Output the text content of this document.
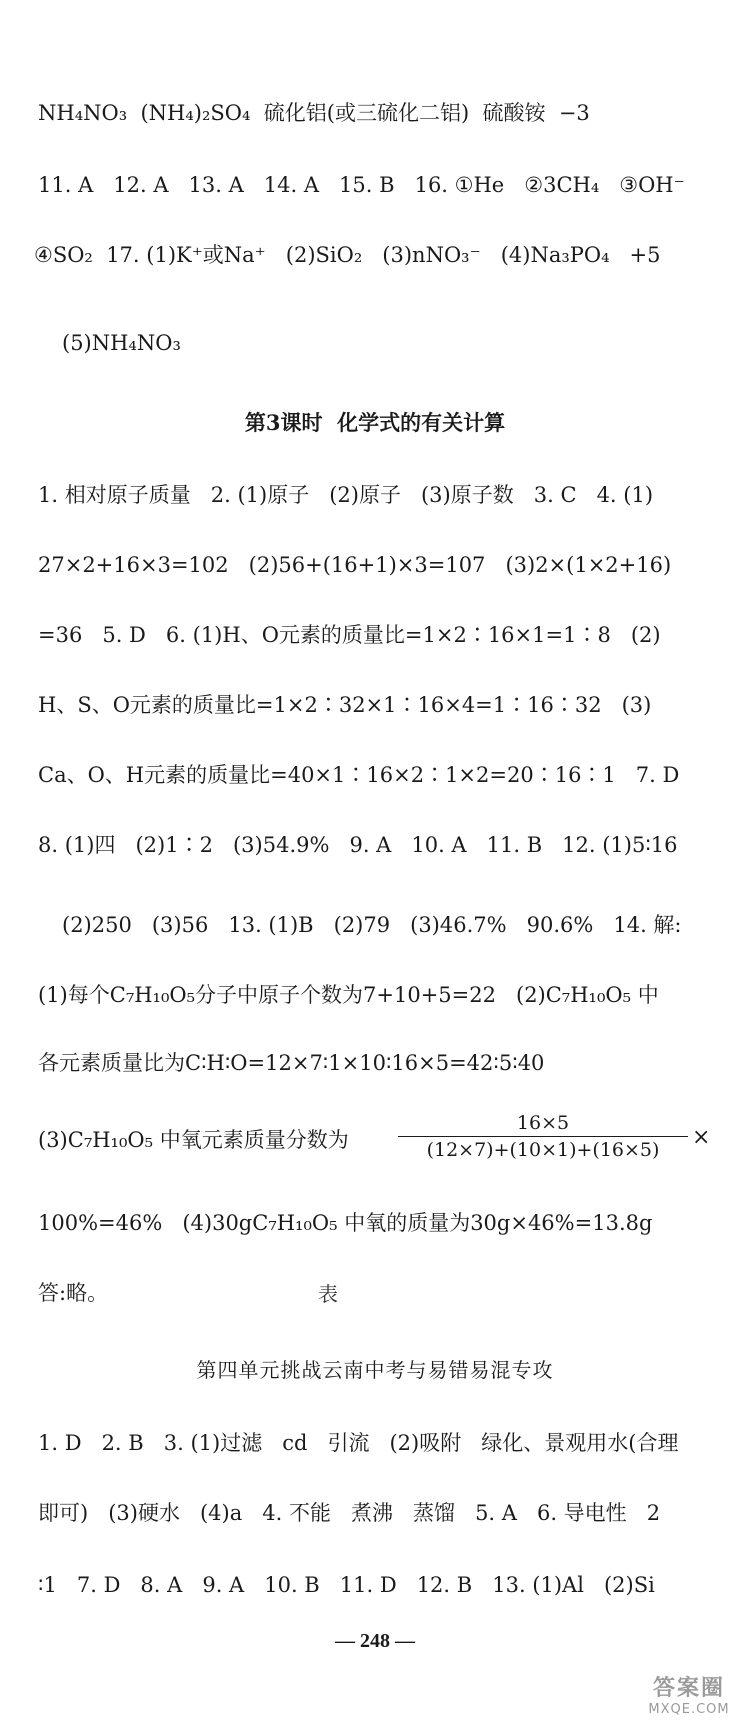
NH₄NO₃  (NH₄)₂SO₄  硫化铝(或三硫化二铝)  硫酸铵  −3
11. A   12. A   13. A   14. A   15. B   16. ①He   ②3CH₄   ③OH⁻
④SO₂  17. (1)K⁺或Na⁺   (2)SiO₂   (3)nNO₃⁻   (4)Na₃PO₄   +5
(5)NH₄NO₃
第3课时  化学式的有关计算
1. 相对原子质量   2. (1)原子   (2)原子   (3)原子数   3. C   4. (1)
27×2+16×3=102   (2)56+(16+1)×3=107   (3)2×(1×2+16)
=36   5. D   6. (1)H、O元素的质量比=1×2∶16×1=1∶8   (2)
H、S、O元素的质量比=1×2∶32×1∶16×4=1∶16∶32   (3)
Ca、O、H元素的质量比=40×1∶16×2∶1×2=20∶16∶1   7. D
8. (1)四   (2)1∶2   (3)54.9%   9. A   10. A   11. B   12. (1)5∶16
(2)250   (3)56   13. (1)B   (2)79   (3)46.7%   90.6%   14. 解:
(1)每个C₇H₁₀O₅分子中原子个数为7+10+5=22   (2)C₇H₁₀O₅ 中
各元素质量比为C∶H∶O=12×7∶1×10∶16×5=42∶5∶40
(3)C₇H₁₀O₅ 中氧元素质量分数为	$\frac{16\times 5}{(12\times 7)+(10\times 1)+(16\times 5)}$ ×
100%=46%   (4)30gC₇H₁₀O₅ 中氧的质量为30g×46%=13.8g
答:略。	表
第四单元挑战云南中考与易错易混专攻
1. D   2. B   3. (1)过滤   cd   引流   (2)吸附   绿化、景观用水(合理
即可)   (3)硬水   (4)a   4. 不能   煮沸   蒸馏   5. A   6. 导电性   2
∶1   7. D   8. A   9. A   10. B   11. D   12. B   13. (1)Al   (2)Si
— 248 —
答案圈
MXQE.COM
